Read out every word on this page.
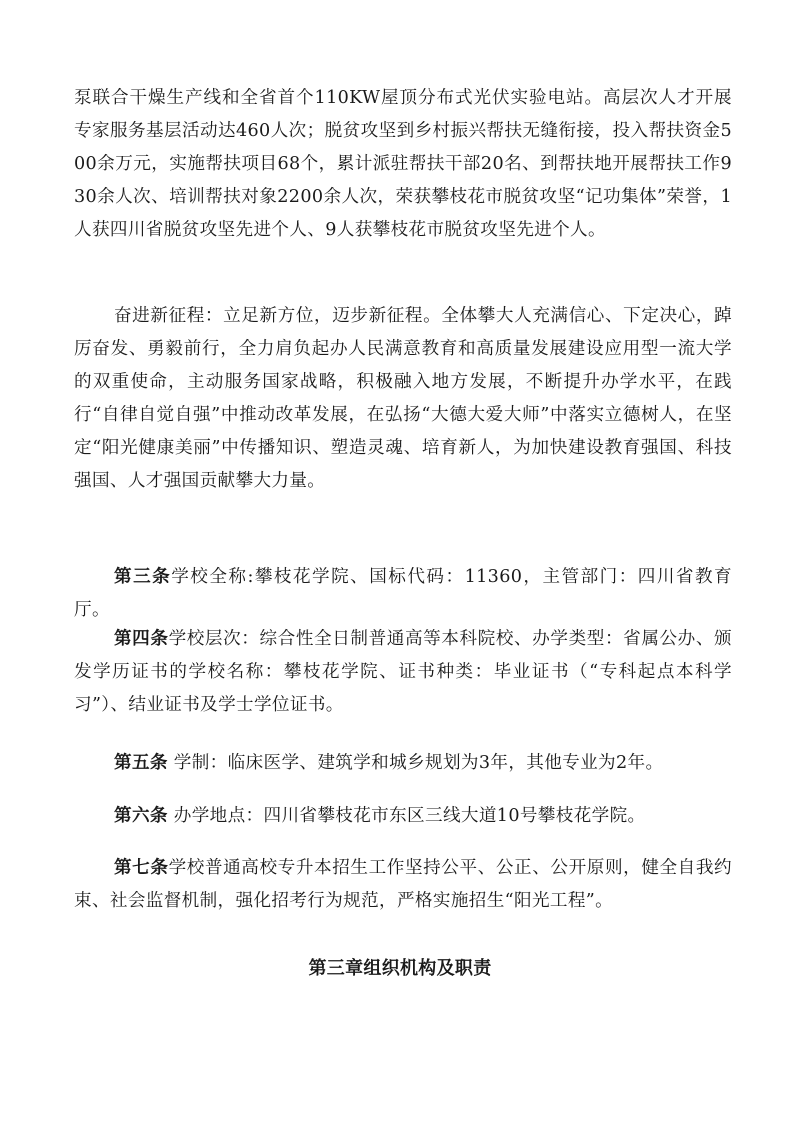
泵联合干燥生产线和全省首个110KW屋顶分布式光伏实验电站。高层次人才开展专家服务基层活动达460人次；脱贫攻坚到乡村振兴帮扶无缝衔接，投入帮扶资金500余万元，实施帮扶项目68个，累计派驻帮扶干部20名、到帮扶地开展帮扶工作930余人次、培训帮扶对象2200余人次，荣获攀枝花市脱贫攻坚“记功集体”荣誉，1人获四川省脱贫攻坚先进个人、9人获攀枝花市脱贫攻坚先进个人。

奋进新征程：立足新方位，迈步新征程。全体攀大人充满信心、下定决心，踔厉奋发、勇毅前行，全力肩负起办人民满意教育和高质量发展建设应用型一流大学的双重使命，主动服务国家战略，积极融入地方发展，不断提升办学水平，在践行“自律自觉自强”中推动改革发展，在弘扬“大德大爱大师”中落实立德树人，在坚定“阳光健康美丽”中传播知识、塑造灵魂、培育新人，为加快建设教育强国、科技强国、人才强国贡献攀大力量。

第三条学校全称:攀枝花学院、国标代码：11360，主管部门：四川省教育厅。

第四条学校层次：综合性全日制普通高等本科院校、办学类型：省属公办、颁发学历证书的学校名称：攀枝花学院、证书种类：毕业证书（“专科起点本科学习”）、结业证书及学士学位证书。

第五条 学制：临床医学、建筑学和城乡规划为3年，其他专业为2年。

第六条 办学地点：四川省攀枝花市东区三线大道10号攀枝花学院。

第七条学校普通高校专升本招生工作坚持公平、公正、公开原则，健全自我约束、社会监督机制，强化招考行为规范，严格实施招生“阳光工程”。

第三章组织机构及职责
